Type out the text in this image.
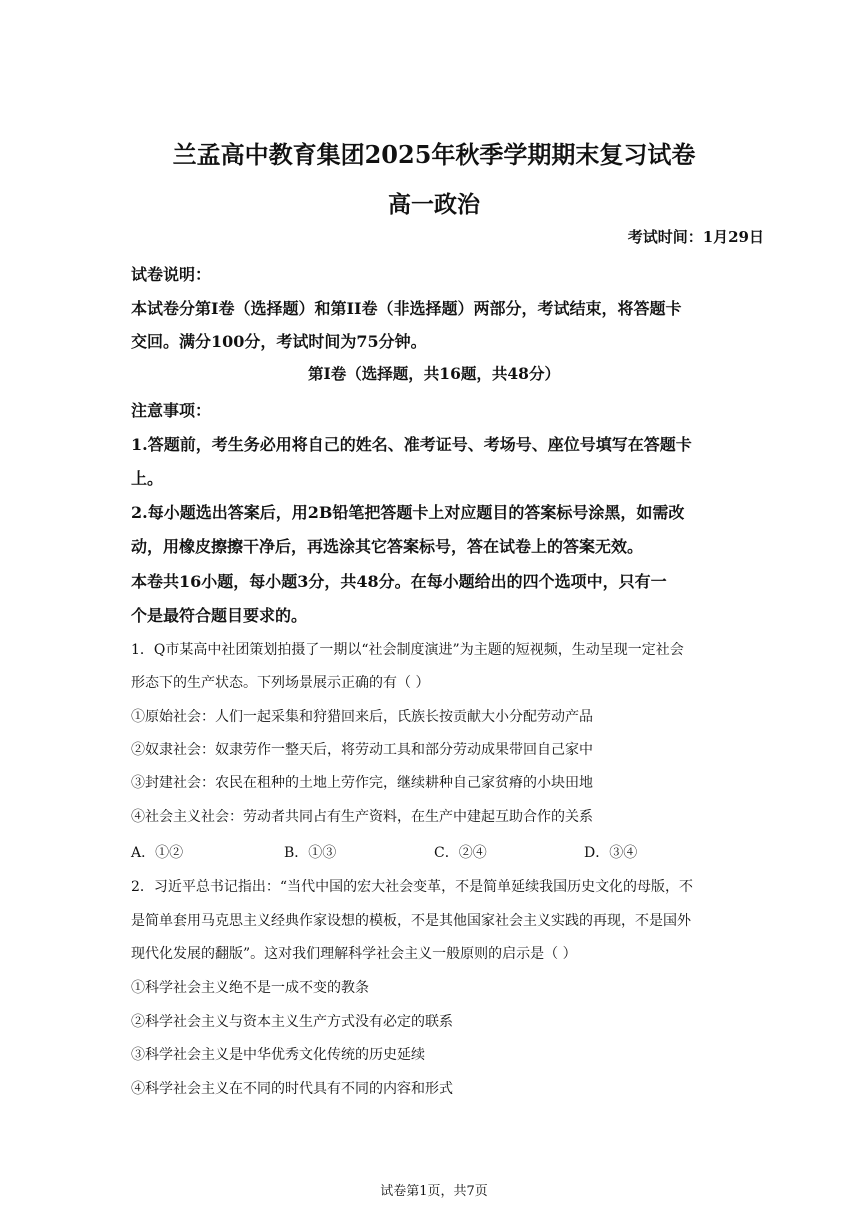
兰孟高中教育集团2025年秋季学期期末复习试卷
高一政治
考试时间：1月29日
试卷说明：
本试卷分第I卷（选择题）和第II卷（非选择题）两部分，考试结束，将答题卡
交回。满分100分，考试时间为75分钟。
第I卷（选择题，共16题，共48分）
注意事项：
1.答题前，考生务必用将自己的姓名、准考证号、考场号、座位号填写在答题卡
上。
2.每小题选出答案后，用2B铅笔把答题卡上对应题目的答案标号涂黑，如需改
动，用橡皮擦擦干净后，再选涂其它答案标号，答在试卷上的答案无效。
本卷共16小题，每小题3分，共48分。在每小题给出的四个选项中，只有一
个是最符合题目要求的。
1．Q市某高中社团策划拍摄了一期以“社会制度演进”为主题的短视频，生动呈现一定社会
形态下的生产状态。下列场景展示正确的有（ ）
①原始社会：人们一起采集和狩猎回来后，氏族长按贡献大小分配劳动产品
②奴隶社会：奴隶劳作一整天后，将劳动工具和部分劳动成果带回自己家中
③封建社会：农民在租种的土地上劳作完，继续耕种自己家贫瘠的小块田地
④社会主义社会：劳动者共同占有生产资料，在生产中建起互助合作的关系
A．①②	B．①③	C．②④	D．③④
2．习近平总书记指出：“当代中国的宏大社会变革，不是简单延续我国历史文化的母版，不
是简单套用马克思主义经典作家设想的模板，不是其他国家社会主义实践的再现，不是国外
现代化发展的翻版”。这对我们理解科学社会主义一般原则的启示是（ ）
①科学社会主义绝不是一成不变的教条
②科学社会主义与资本主义生产方式没有必定的联系
③科学社会主义是中华优秀文化传统的历史延续
④科学社会主义在不同的时代具有不同的内容和形式
试卷第1页，共7页
